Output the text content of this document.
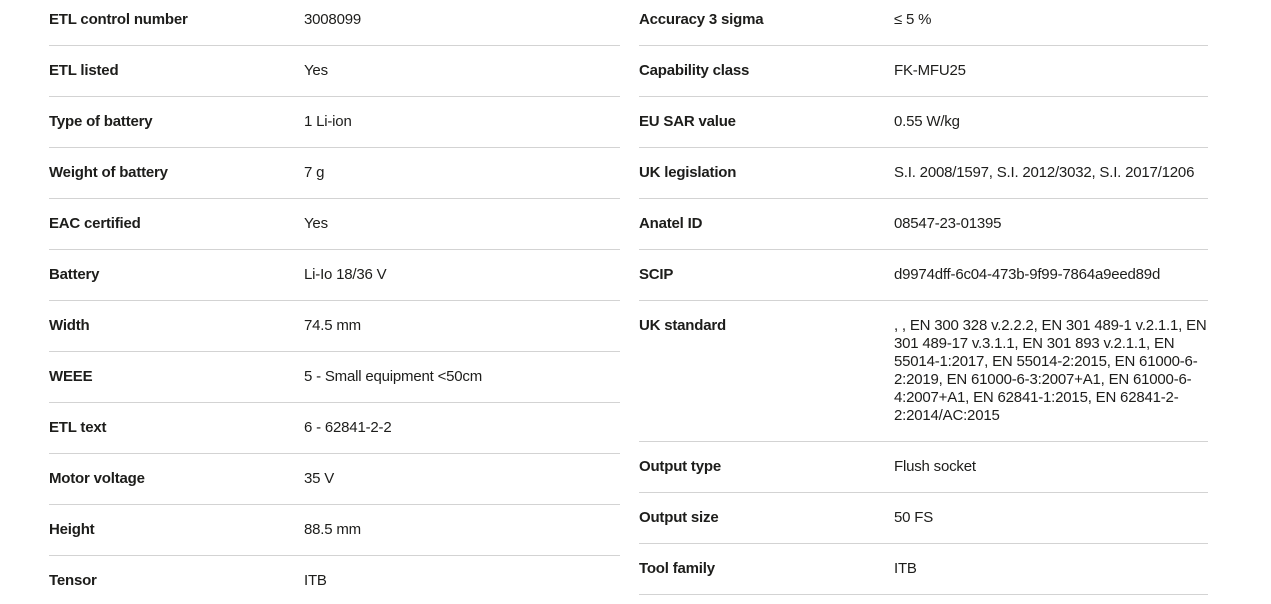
ETL control number	3008099
ETL listed	Yes
Type of battery	1 Li-ion
Weight of battery	7 g
EAC certified	Yes
Battery	Li-Io 18/36 V
Width	74.5 mm
WEEE	5 - Small equipment <50cm
ETL text	6 - 62841-2-2
Motor voltage	35 V
Height	88.5 mm
Tensor	ITB
Accuracy 3 sigma	≤ 5 %
Capability class	FK-MFU25
EU SAR value	0.55 W/kg
UK legislation	S.I. 2008/1597, S.I. 2012/3032, S.I. 2017/1206
Anatel ID	08547-23-01395
SCIP	d9974dff-6c04-473b-9f99-7864a9eed89d
UK standard	, , EN 300 328 v.2.2.2, EN 301 489-1 v.2.1.1, EN 301 489-17 v.3.1.1, EN 301 893 v.2.1.1, EN 55014-1:2017, EN 55014-2:2015, EN 61000-6-2:2019, EN 61000-6-3:2007+A1, EN 61000-6-4:2007+A1, EN 62841-1:2015, EN 62841-2-2:2014/AC:2015
Output type	Flush socket
Output size	50 FS
Tool family	ITB
